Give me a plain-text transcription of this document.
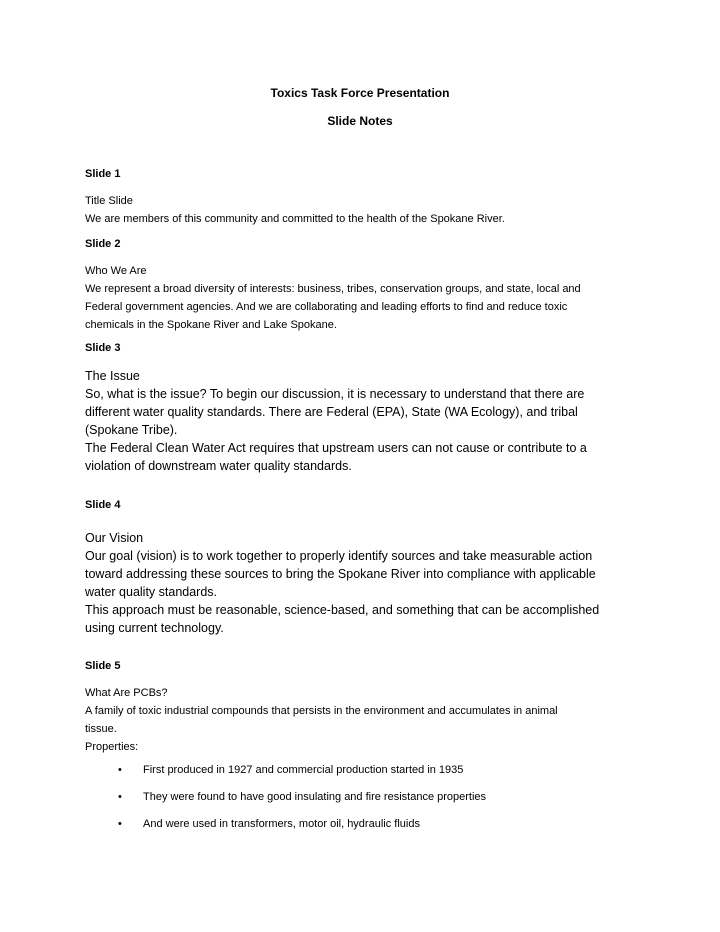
Toxics Task Force Presentation
Slide Notes
Slide 1
Title Slide
We are members of this community and committed to the health of the Spokane River.
Slide 2
Who We Are
We represent a broad diversity of interests: business, tribes, conservation groups, and state, local and
Federal government agencies. And we are collaborating and leading efforts to find and reduce toxic
chemicals in the Spokane River and Lake Spokane.
Slide 3
The Issue
So, what is the issue? To begin our discussion, it is necessary to understand that there are
different water quality standards. There are Federal (EPA), State (WA Ecology), and tribal
(Spokane Tribe).
The Federal Clean Water Act requires that upstream users can not cause or contribute to a
violation of downstream water quality standards.
Slide 4
Our Vision
Our goal (vision) is to work together to properly identify sources and take measurable action
toward addressing these sources to bring the Spokane River into compliance with applicable
water quality standards.
This approach must be reasonable, science-based, and something that can be accomplished
using current technology.
Slide 5
What Are PCBs?
A family of toxic industrial compounds that persists in the environment and accumulates in animal
tissue.
Properties:
• First produced in 1927 and commercial production started in 1935
• They were found to have good insulating and fire resistance properties
• And were used in transformers, motor oil, hydraulic fluids
